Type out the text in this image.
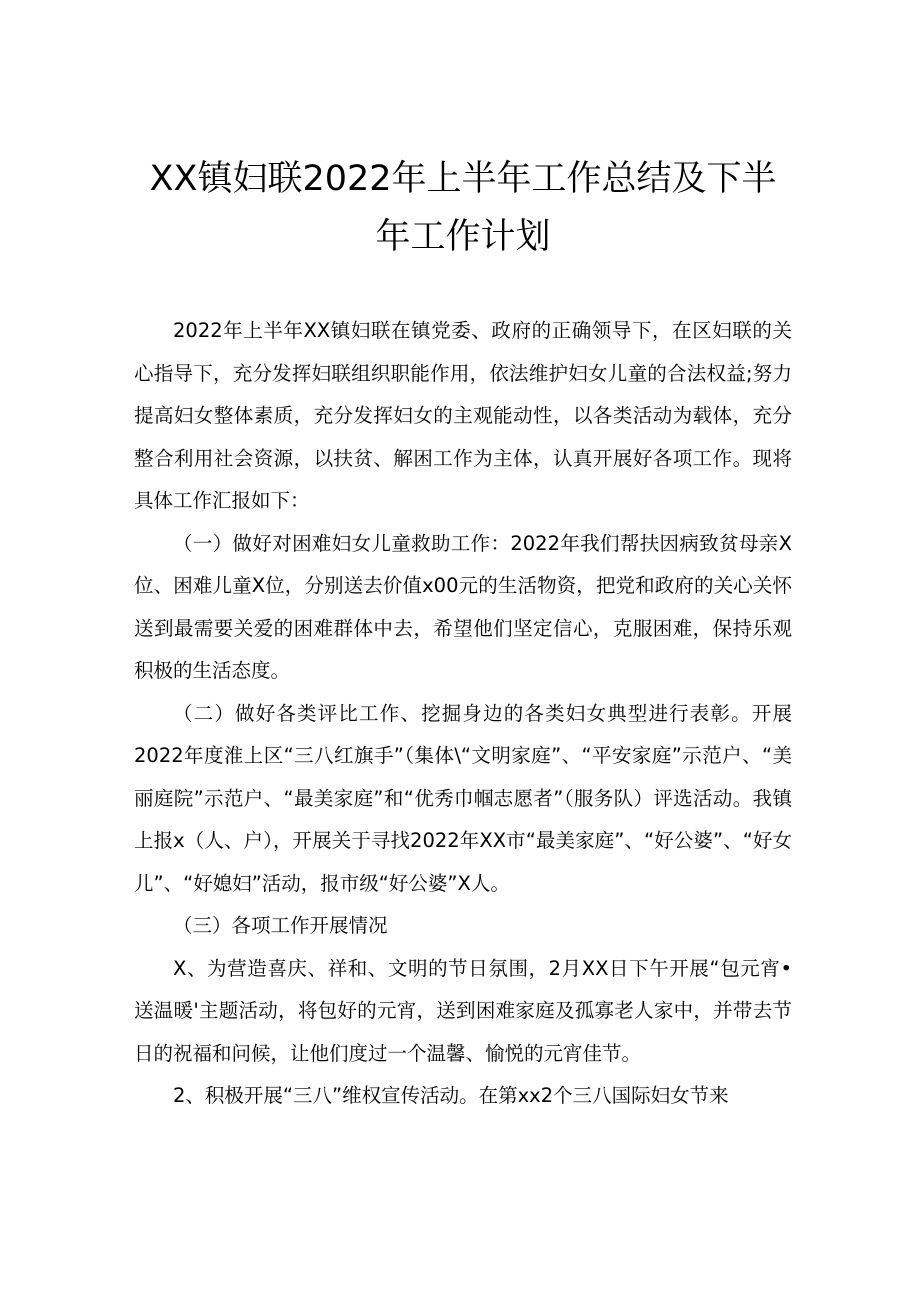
XX镇妇联2022年上半年工作总结及下半年工作计划

2022年上半年XX镇妇联在镇党委、政府的正确领导下，在区妇联的关心指导下，充分发挥妇联组织职能作用，依法维护妇女儿童的合法权益;努力提高妇女整体素质，充分发挥妇女的主观能动性，以各类活动为载体，充分整合利用社会资源，以扶贫、解困工作为主体，认真开展好各项工作。现将具体工作汇报如下：

（一）做好对困难妇女儿童救助工作：2022年我们帮扶因病致贫母亲X位、困难儿童X位，分别送去价值x00元的生活物资，把党和政府的关心关怀送到最需要关爱的困难群体中去，希望他们坚定信心，克服困难，保持乐观积极的生活态度。

（二）做好各类评比工作、挖掘身边的各类妇女典型进行表彰。开展2022年度淮上区“三八红旗手”（集体\“文明家庭”、“平安家庭”示范户、“美丽庭院”示范户、“最美家庭”和“优秀巾帼志愿者”（服务队）评选活动。我镇上报x（人、户），开展关于寻找2022年XX市“最美家庭”、“好公婆”、“好女儿”、“好媳妇”活动，报市级“好公婆”X人。

（三）各项工作开展情况

X、为营造喜庆、祥和、文明的节日氛围，2月XX日下午开展“包元宵•送温暖'主题活动，将包好的元宵，送到困难家庭及孤寡老人家中，并带去节日的祝福和问候，让他们度过一个温馨、愉悦的元宵佳节。

2、积极开展“三八”维权宣传活动。在第xx2个三八国际妇女节来
